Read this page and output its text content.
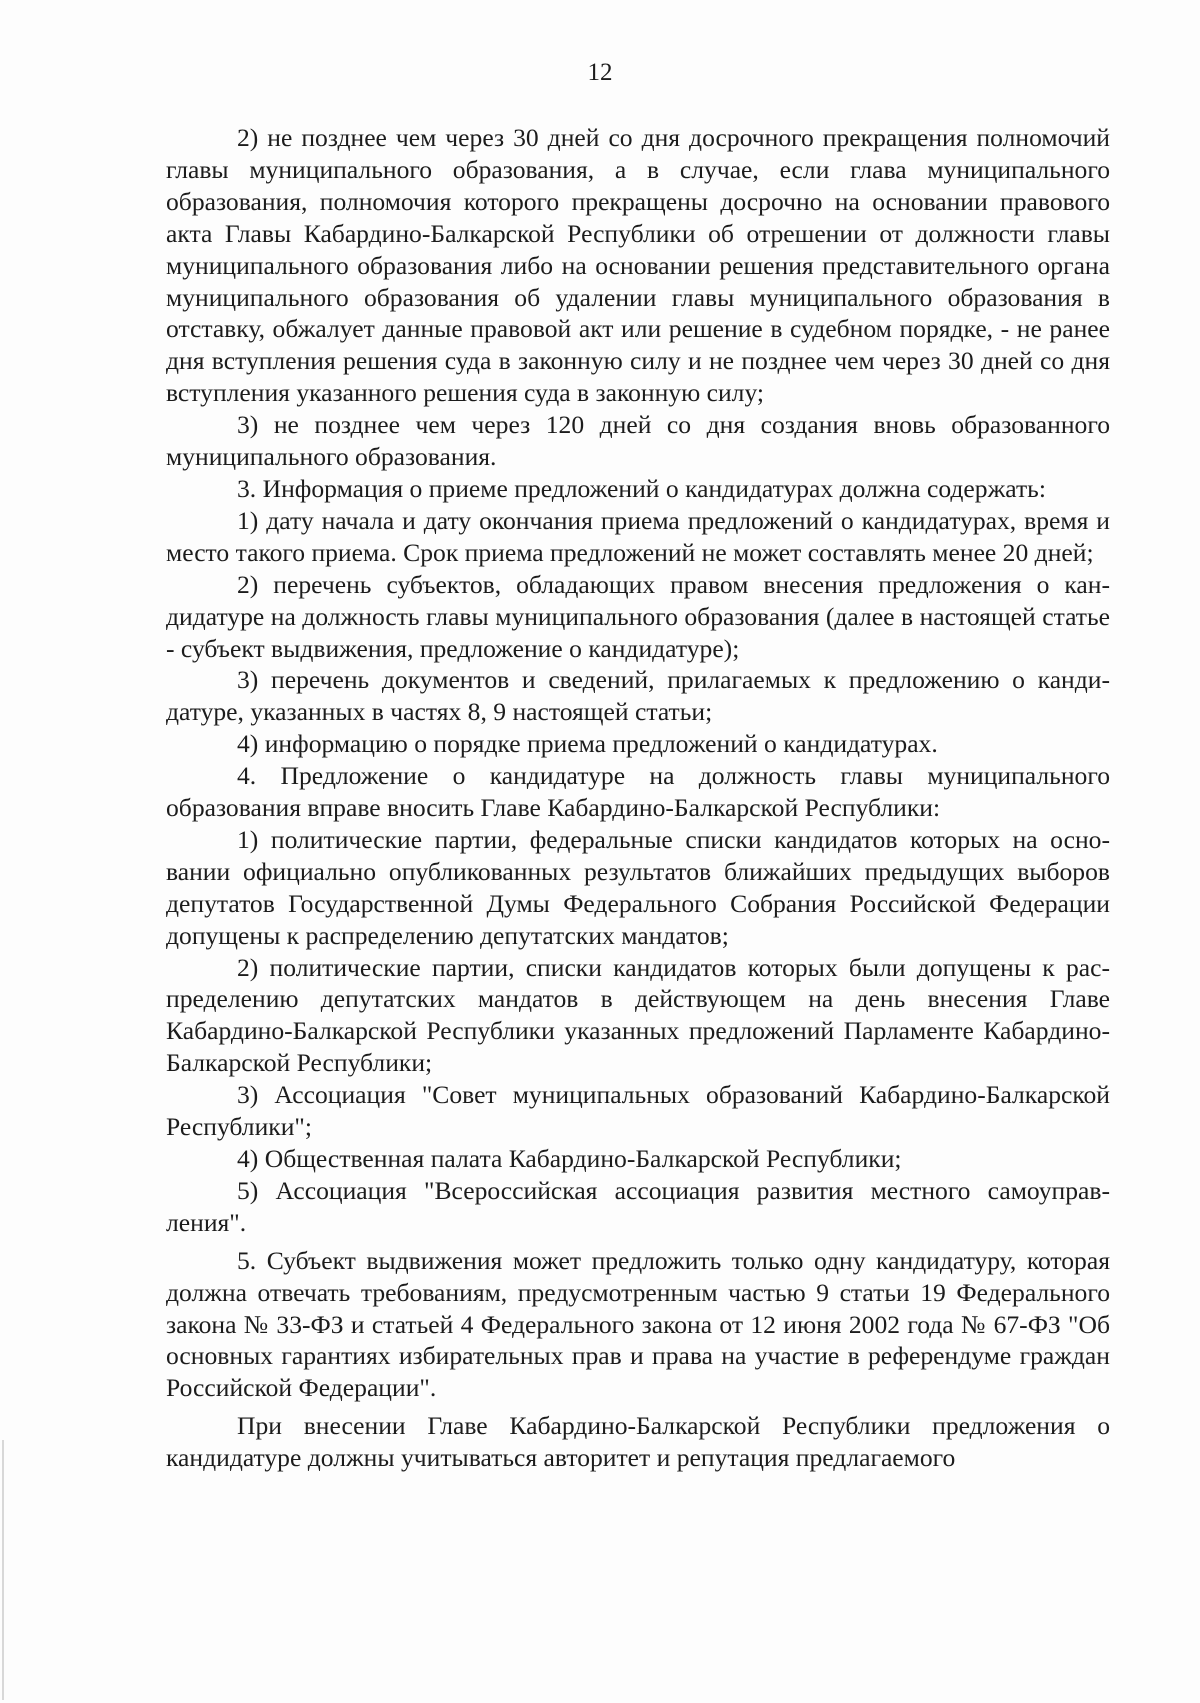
12

2) не позднее чем через 30 дней со дня досрочного прекращения полномочий главы муниципального образования, а в случае, если глава муниципального образования, полномочия которого прекращены досрочно на основании правового акта Главы Кабардино-Балкарской Республики об отрешении от должности главы муниципального образования либо на основании решения представительного органа муниципального образования об удалении главы муниципального образования в отставку, обжалует данные правовой акт или решение в судебном порядке, - не ранее дня вступления решения суда в законную силу и не позднее чем через 30 дней со дня вступления указанного решения суда в законную силу;

3) не позднее чем через 120 дней со дня создания вновь образованного муниципального образования.

3. Информация о приеме предложений о кандидатурах должна содержать:

1) дату начала и дату окончания приема предложений о кандидатурах, время и место такого приема. Срок приема предложений не может составлять менее 20 дней;

2) перечень субъектов, обладающих правом внесения предложения о кандидатуре на должность главы муниципального образования (далее в настоящей статье - субъект выдвижения, предложение о кандидатуре);

3) перечень документов и сведений, прилагаемых к предложению о кандидатуре, указанных в частях 8, 9 настоящей статьи;

4) информацию о порядке приема предложений о кандидатурах.

4. Предложение о кандидатуре на должность главы муниципального образования вправе вносить Главе Кабардино-Балкарской Республики:

1) политические партии, федеральные списки кандидатов которых на основании официально опубликованных результатов ближайших предыдущих выборов депутатов Государственной Думы Федерального Собрания Российской Федерации допущены к распределению депутатских мандатов;

2) политические партии, списки кандидатов которых были допущены к распределению депутатских мандатов в действующем на день внесения Главе Кабардино-Балкарской Республики указанных предложений Парламенте Кабардино-Балкарской Республики;

3) Ассоциация "Совет муниципальных образований Кабардино-Балкарской Республики";

4) Общественная палата Кабардино-Балкарской Республики;

5) Ассоциация "Всероссийская ассоциация развития местного самоуправления".

5. Субъект выдвижения может предложить только одну кандидатуру, которая должна отвечать требованиям, предусмотренным частью 9 статьи 19 Федерального закона № 33-ФЗ и статьей 4 Федерального закона от 12 июня 2002 года № 67-ФЗ "Об основных гарантиях избирательных прав и права на участие в референдуме граждан Российской Федерации".

При внесении Главе Кабардино-Балкарской Республики предложения о кандидатуре должны учитываться авторитет и репутация предлагаемого
